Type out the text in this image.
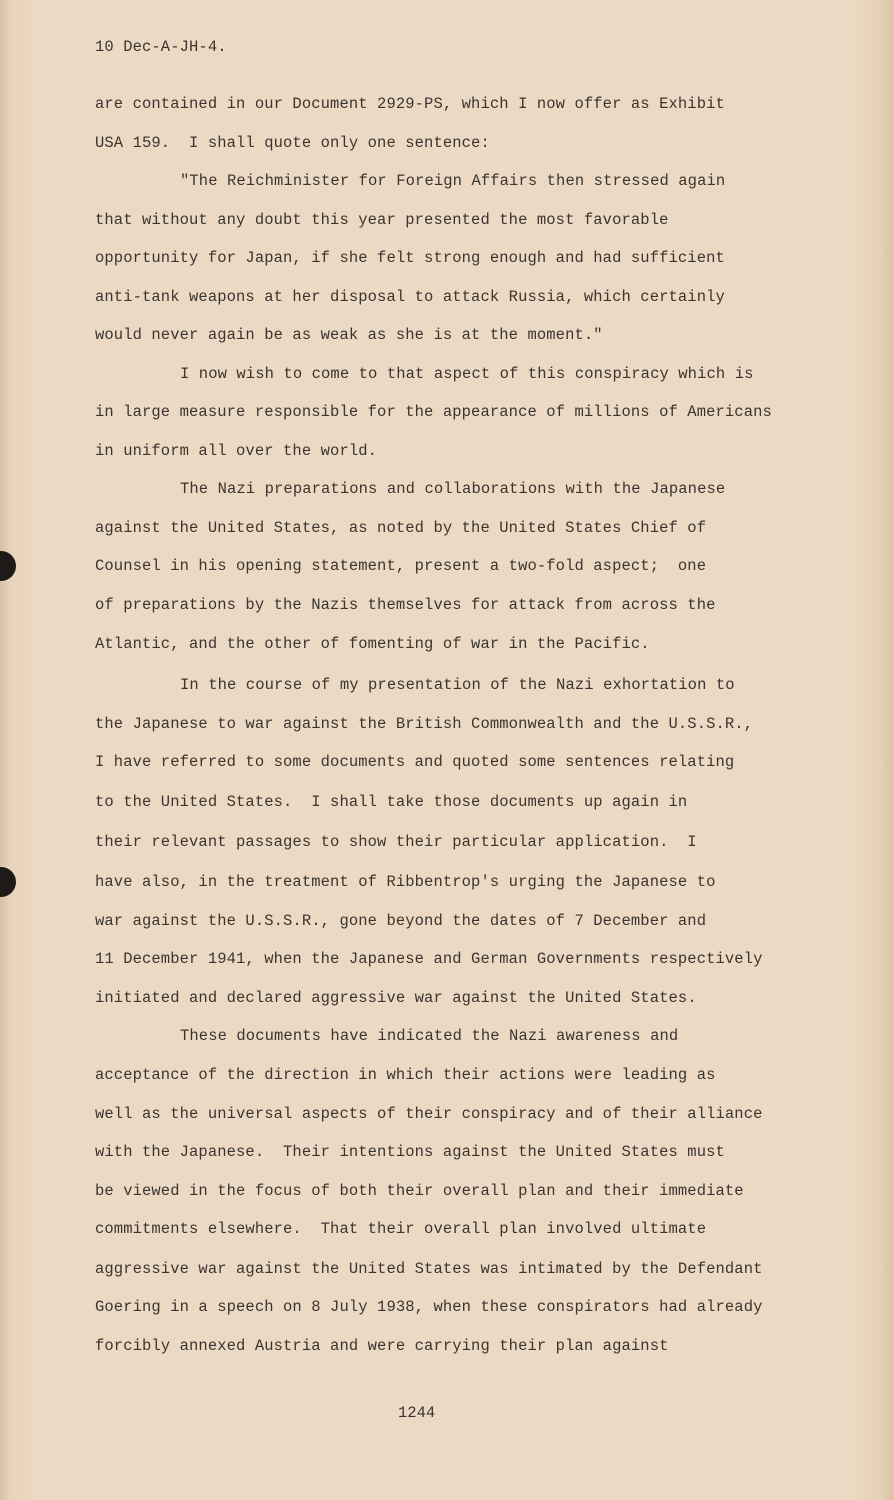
10 Dec-A-JH-4.
are contained in our Document 2929-PS, which I now offer as Exhibit
USA 159.  I shall quote only one sentence:
"The Reichminister for Foreign Affairs then stressed again
that without any doubt this year presented the most favorable
opportunity for Japan, if she felt strong enough and had sufficient
anti-tank weapons at her disposal to attack Russia, which certainly
would never again be as weak as she is at the moment."
I now wish to come to that aspect of this conspiracy which is
in large measure responsible for the appearance of millions of Americans
in uniform all over the world.
The Nazi preparations and collaborations with the Japanese
against the United States, as noted by the United States Chief of
Counsel in his opening statement, present a two-fold aspect;  one
of preparations by the Nazis themselves for attack from across the
Atlantic, and the other of fomenting of war in the Pacific.
In the course of my presentation of the Nazi exhortation to
the Japanese to war against the British Commonwealth and the U.S.S.R.,
I have referred to some documents and quoted some sentences relating
to the United States.  I shall take those documents up again in
their relevant passages to show their particular application.  I
have also, in the treatment of Ribbentrop's urging the Japanese to
war against the U.S.S.R., gone beyond the dates of 7 December and
11 December 1941, when the Japanese and German Governments respectively
initiated and declared aggressive war against the United States.
These documents have indicated the Nazi awareness and
acceptance of the direction in which their actions were leading as
well as the universal aspects of their conspiracy and of their alliance
with the Japanese.  Their intentions against the United States must
be viewed in the focus of both their overall plan and their immediate
commitments elsewhere.  That their overall plan involved ultimate
aggressive war against the United States was intimated by the Defendant
Goering in a speech on 8 July 1938, when these conspirators had already
forcibly annexed Austria and were carrying their plan against
1244
